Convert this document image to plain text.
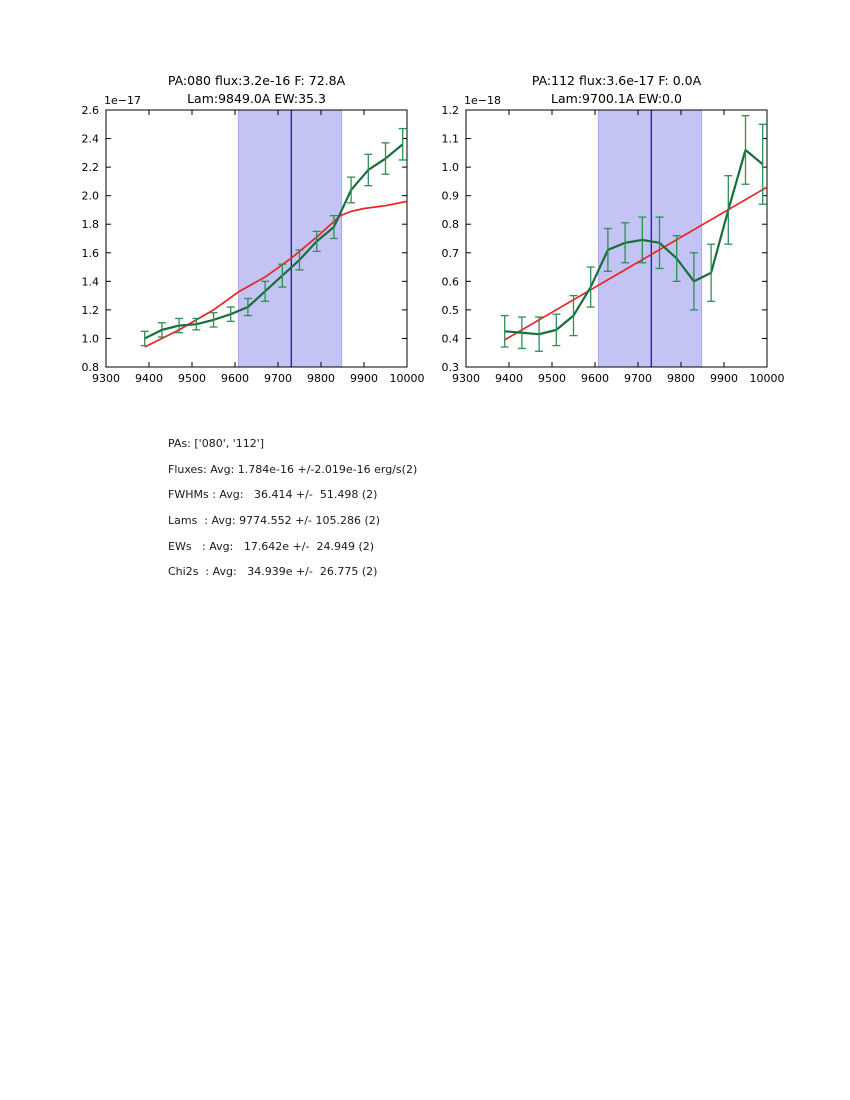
9300 9400 9500 9600 9700 9800 9900 10000
0.8
1.0
1.2
1.4
1.6
1.8
2.0
2.2
2.4
2.6
PA:080 flux:3.2e-16 F: 72.8A
Lam:9849.0A EW:35.3
1e−17
9300 9400 9500 9600 9700 9800 9900 10000
0.3
0.4
0.5
0.6
0.7
0.8
0.9
1.0
1.1
1.2
PA:112 flux:3.6e-17 F: 0.0A
Lam:9700.1A EW:0.0
1e−18
PAs: ['080', '112']
Fluxes: Avg: 1.784e-16 +/-2.019e-16 erg/s(2)
FWHMs : Avg:   36.414 +/-  51.498 (2)
Lams  : Avg: 9774.552 +/- 105.286 (2)
EWs   : Avg:   17.642e +/-  24.949 (2)
Chi2s  : Avg:   34.939e +/-  26.775 (2)
